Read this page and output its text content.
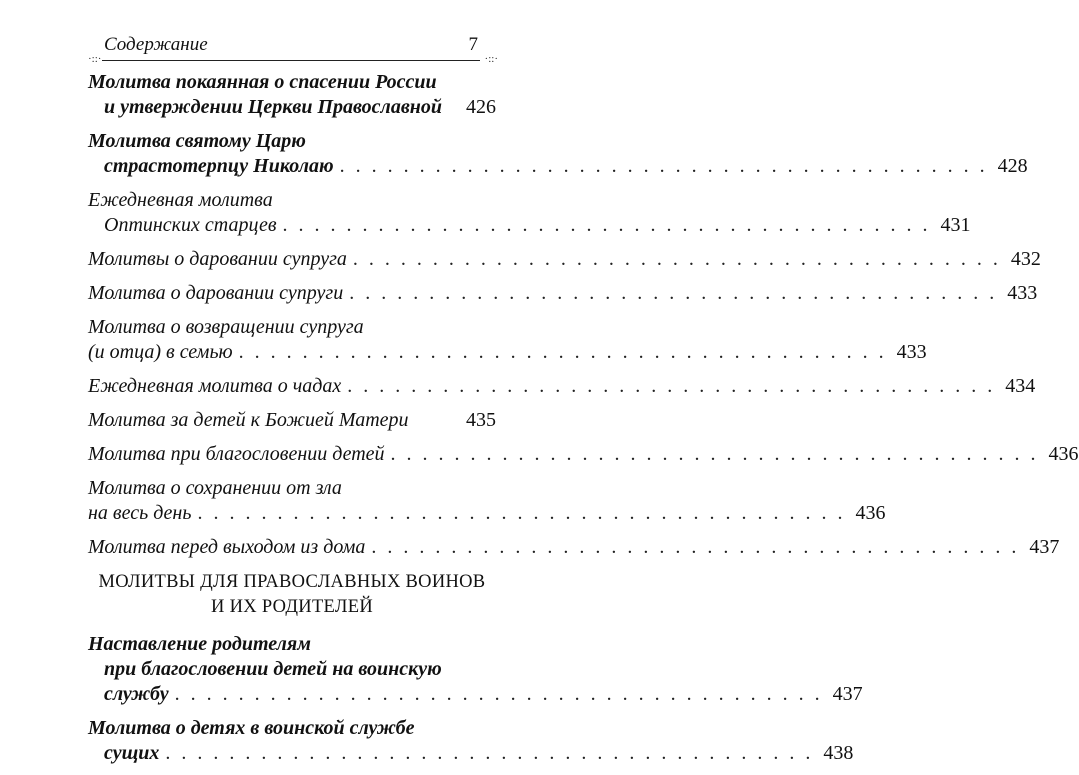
·::·
Содержание	7
·::·
Молитва покаянная о спасении России
и утверждении Церкви Православной 426
Молитва святому Царю
страстотерпцу Николаю . . . . . . . . . . . . . . . . . . . . . . . . . . . . . . . . . . . . . . . . . 428
Ежедневная молитва
Оптинских старцев . . . . . . . . . . . . . . . . . . . . . . . . . . . . . . . . . . . . . . . . . 431
Молитвы о даровании супруга . . . . . . . . . . . . . . . . . . . . . . . . . . . . . . . . . . . . . . . . . 432
Молитва о даровании супруги . . . . . . . . . . . . . . . . . . . . . . . . . . . . . . . . . . . . . . . . . 433
Молитва о возвращении супруга
(и отца) в семью . . . . . . . . . . . . . . . . . . . . . . . . . . . . . . . . . . . . . . . . . 433
Ежедневная молитва о чадах . . . . . . . . . . . . . . . . . . . . . . . . . . . . . . . . . . . . . . . . . 434
Молитва за детей к Божией Матери	435
Молитва при благословении детей . . . . . . . . . . . . . . . . . . . . . . . . . . . . . . . . . . . . . . . . . 436
Молитва о сохранении от зла
на весь день . . . . . . . . . . . . . . . . . . . . . . . . . . . . . . . . . . . . . . . . . 436
Молитва перед выходом из дома . . . . . . . . . . . . . . . . . . . . . . . . . . . . . . . . . . . . . . . . . 437
МОЛИТВЫ ДЛЯ ПРАВОСЛАВНЫХ ВОИНОВ
И ИХ РОДИТЕЛЕЙ
Наставление родителям
при благословении детей на воинскую
службу . . . . . . . . . . . . . . . . . . . . . . . . . . . . . . . . . . . . . . . . . 437
Молитва о детях в воинской службе
сущих . . . . . . . . . . . . . . . . . . . . . . . . . . . . . . . . . . . . . . . . . 438
